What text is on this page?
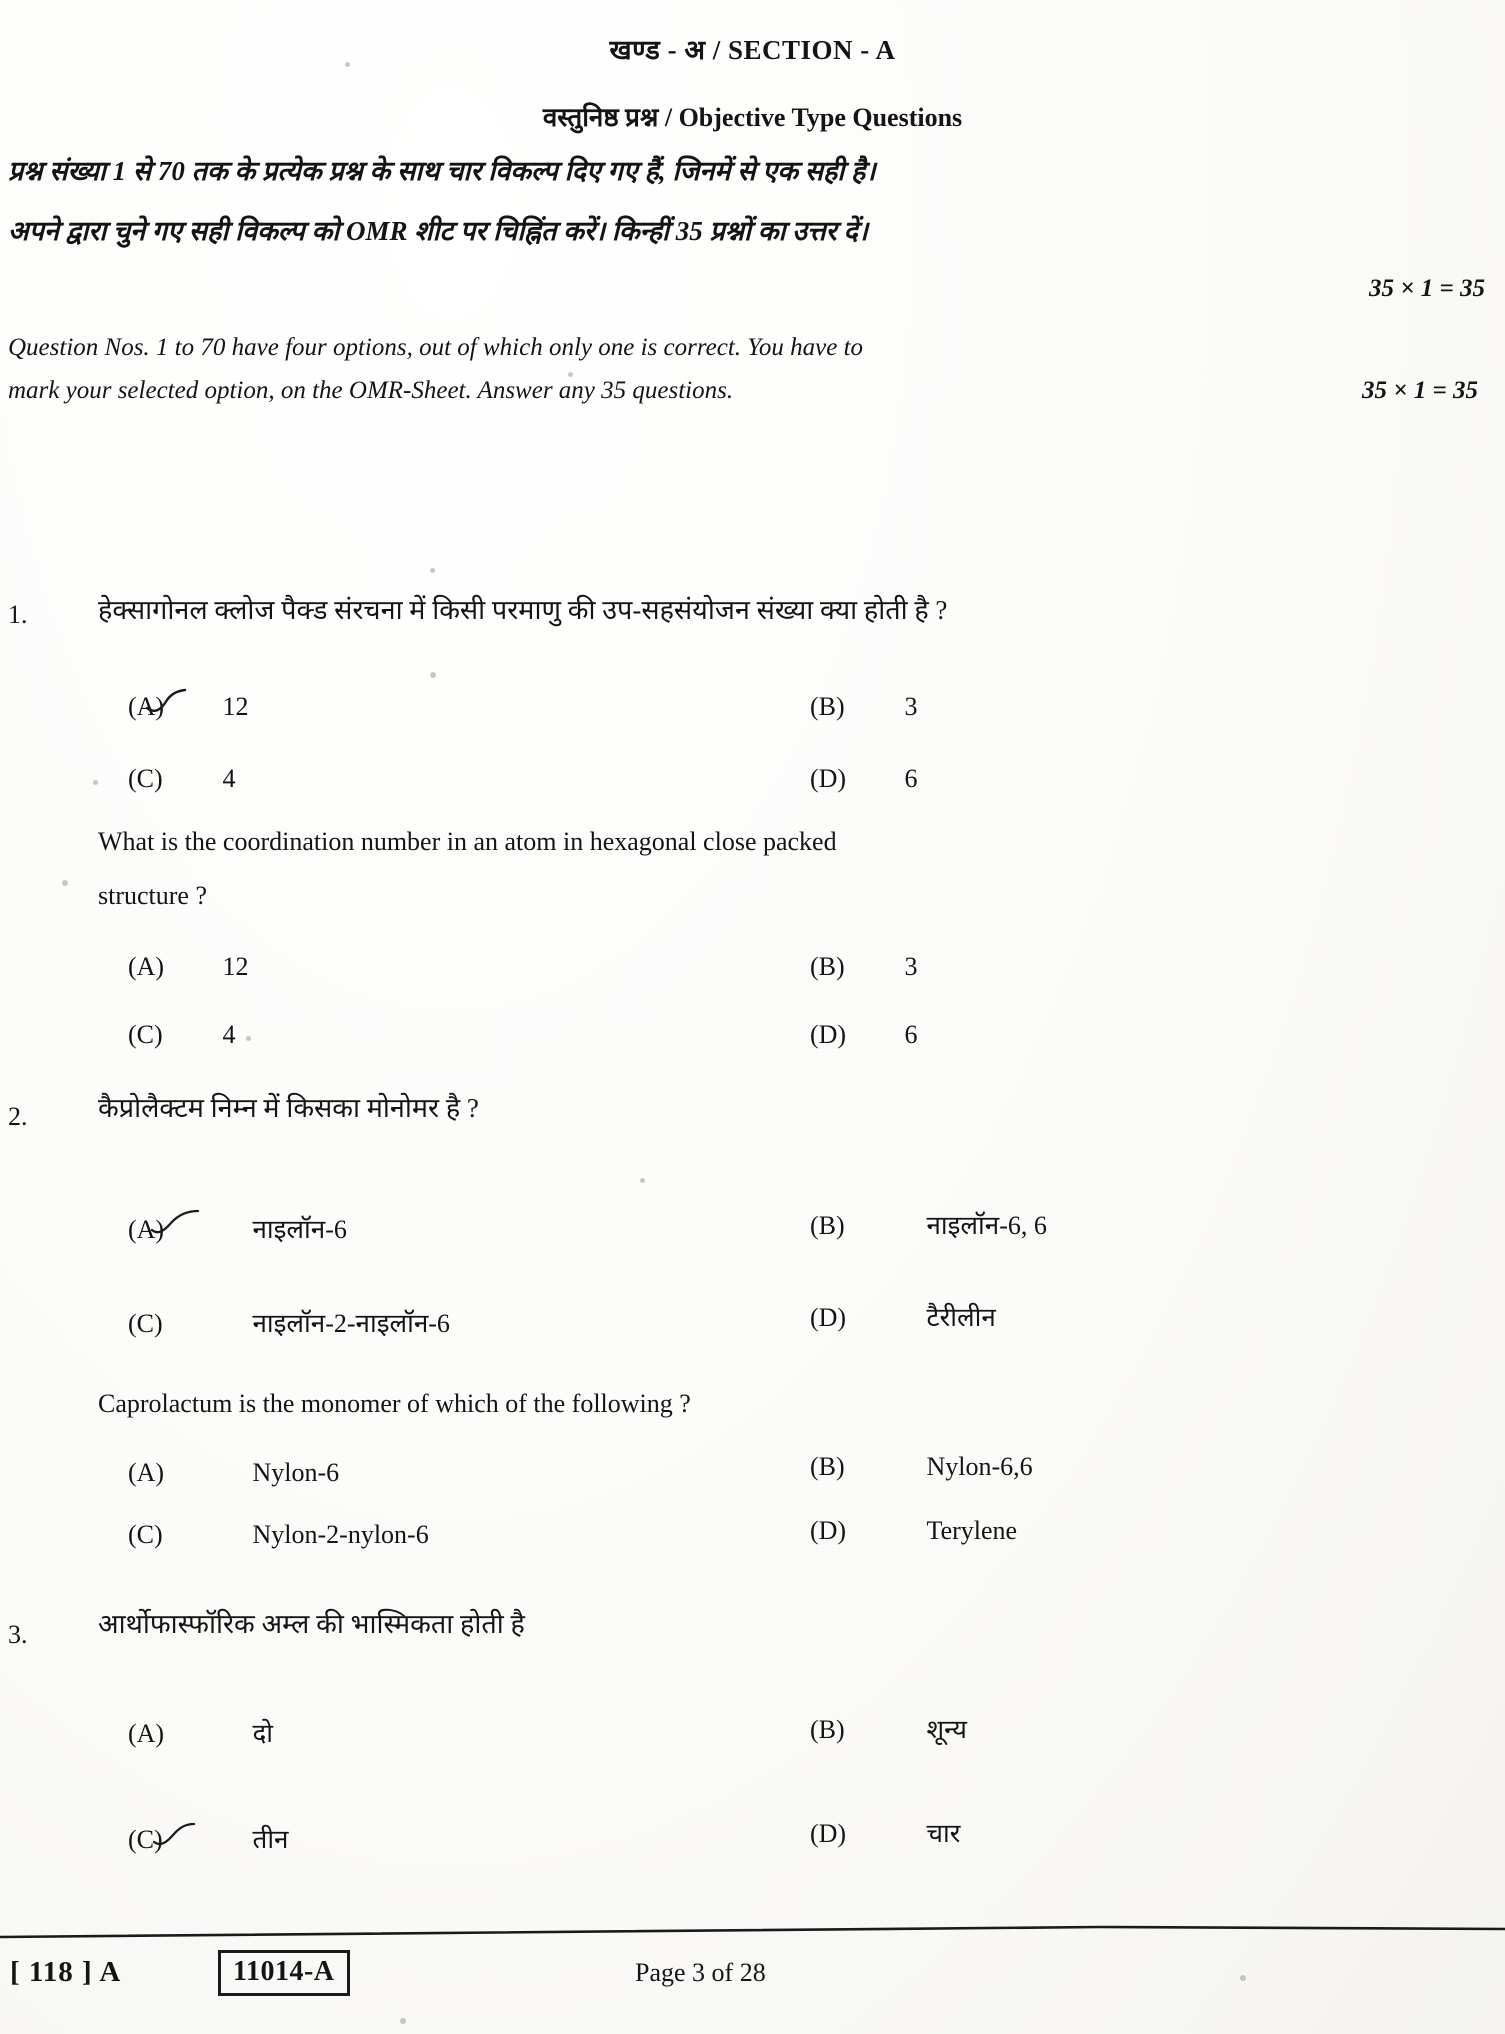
खण्ड - अ / SECTION - A
वस्तुनिष्ठ प्रश्न / Objective Type Questions
प्रश्न संख्या 1 से 70 तक के प्रत्येक प्रश्न के साथ चार विकल्प दिए गए हैं, जिनमें से एक सही है।
अपने द्वारा चुने गए सही विकल्प को OMR शीट पर चिह्निंत करें। किन्हीं 35 प्रश्नों का उत्तर दें।
35 × 1 = 35
Question Nos. 1 to 70 have four options, out of which only one is correct. You have to
mark your selected option, on the OMR-Sheet. Answer any 35 questions.	35 × 1 = 35
1.	हेक्सागोनल क्लोज पैक्ड संरचना में किसी परमाणु की उप-सहसंयोजन संख्या क्या होती है ?
(A) 12	(B) 3
(C) 4	(D) 6
What is the coordination number in an atom in hexagonal close packed
structure ?
(A) 12	(B) 3
(C) 4	(D) 6
2.	कैप्रोलैक्टम निम्न में किसका मोनोमर है ?
(A)	नाइलॉन-6	(B)	नाइलॉन-6, 6
(C)	नाइलॉन-2-नाइलॉन-6	(D)	टैरीलीन
Caprolactum is the monomer of which of the following ?
(A)	Nylon-6	(B)	Nylon-6,6
(C)	Nylon-2-nylon-6	(D)	Terylene
3.	आर्थोफास्फॉरिक अम्ल की भास्मिकता होती है
(A)	दो	(B)	शून्य
(C)	तीन	(D)	चार
[ 118 ] A	11014-A	Page 3 of 28
